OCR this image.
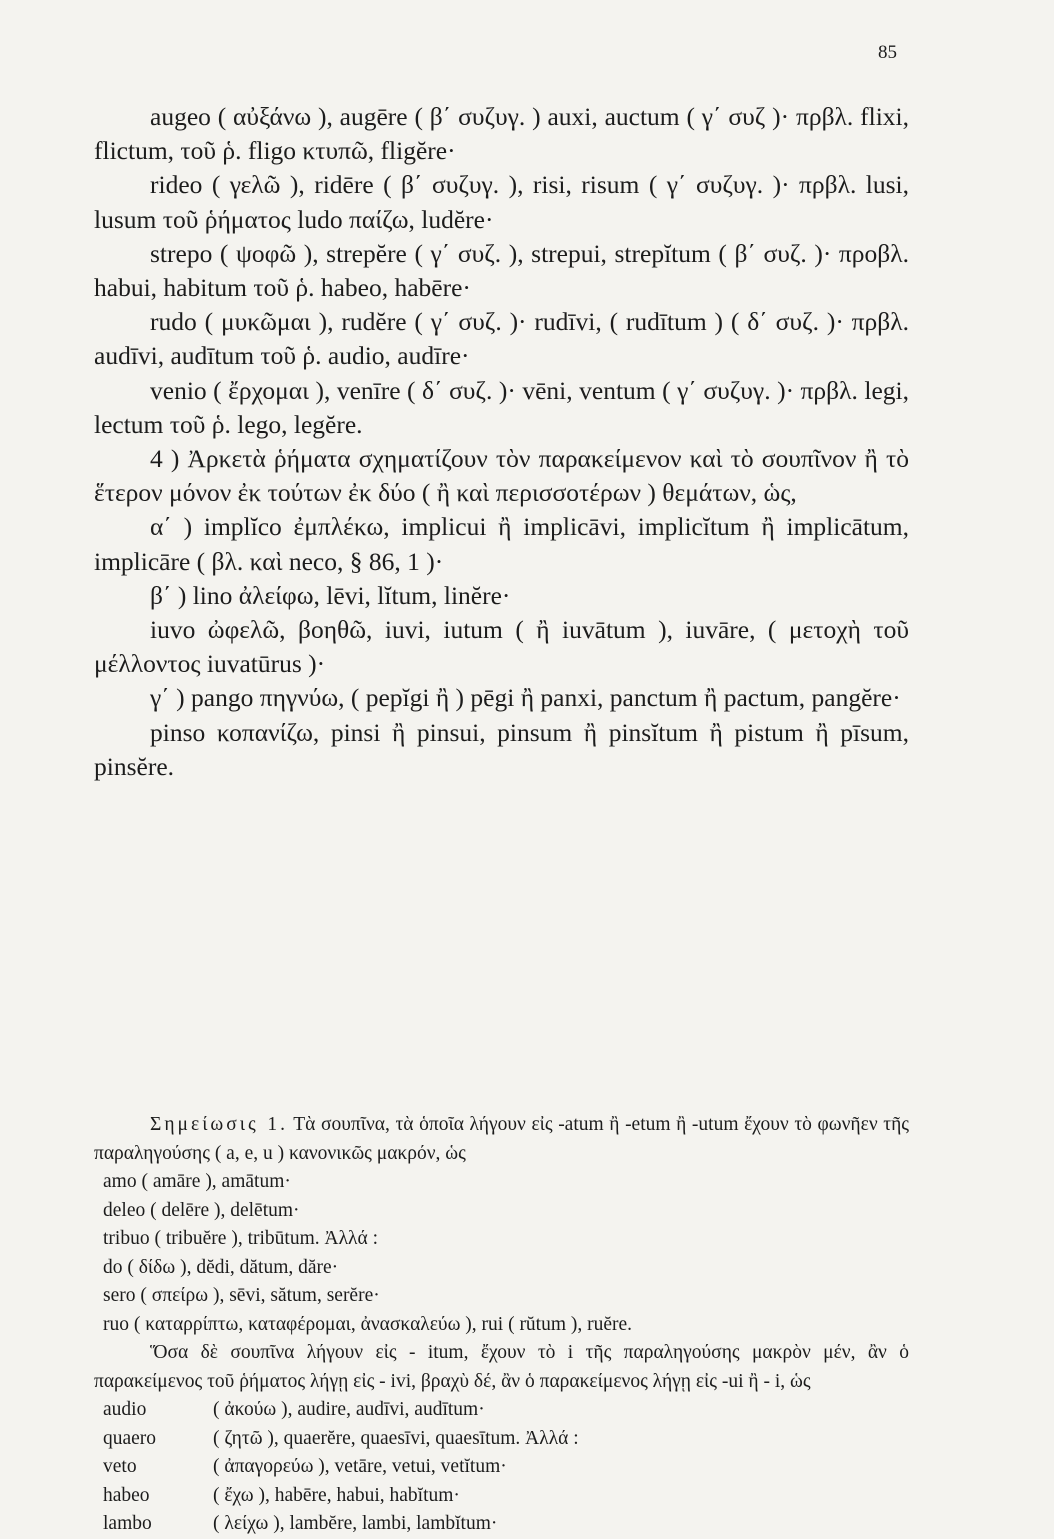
85

augeo ( αὐξάνω ), augēre ( β΄ συζυγ. ) auxi, auctum ( γ΄ συζ )· πρβλ. flixi, flictum, τοῦ ῥ. fligo κτυπῶ, fligĕre·

rideo ( γελῶ ), ridēre ( β΄ συζυγ. ), risi, risum ( γ΄ συζυγ. )· πρβλ. lusi, lusum τοῦ ῥήματος ludo παίζω, ludĕre·

strepo ( ψοφῶ ), strepĕre ( γ΄ συζ. ), strepui, strepĭtum ( β΄ συζ. )· προβλ. habui, habitum τοῦ ῥ. habeo, habēre·

rudo ( μυκῶμαι ), rudĕre ( γ΄ συζ. )· rudīvi, ( rudītum ) ( δ΄ συζ. )· πρβλ. audīvi, audītum τοῦ ῥ. audio, audīre·

venio ( ἔρχομαι ), venīre ( δ΄ συζ. )· vēni, ventum ( γ΄ συζυγ. )· πρβλ. legi, lectum τοῦ ῥ. lego, legĕre.

4 ) Ἀρκετὰ ῥήματα σχηματίζουν τὸν παρακείμενον καὶ τὸ σουπῖνον ἢ τὸ ἕτερον μόνον ἐκ τούτων ἐκ δύο ( ἢ καὶ περισσοτέρων ) θεμάτων, ὡς,

α΄ ) implĭco ἐμπλέκω, implicui ἢ implicāvi, implicĭtum ἢ implicātum, implicāre ( βλ. καὶ neco, § 86, 1 )·

β΄ ) lino ἀλείφω, lēvi, lĭtum, linĕre·

iuvo ὠφελῶ, βοηθῶ, iuvi, iutum ( ἢ iuvātum ), iuvāre, ( μετοχὴ τοῦ μέλλοντος iuvatūrus )·

γ΄ ) pango πηγνύω, ( pepĭgi ἢ ) pēgi ἢ panxi, panctum ἢ pactum, pangĕre·

pinso κοπανίζω, pinsi ἢ pinsui, pinsum ἢ pinsĭtum ἢ pistum ἢ pīsum, pinsĕre.

Σημείωσις 1. Τὰ σουπῖνα, τὰ ὁποῖα λήγουν εἰς -atum ἢ -etum ἢ -utum ἔχουν τὸ φωνῆεν τῆς παραληγούσης ( a, e, u ) κανονικῶς μακρόν, ὡς

amo ( amāre ), amātum·
deleo ( delēre ), delētum·
tribuo ( tribuĕre ), tribūtum. Ἀλλά :
do ( δίδω ), dĕdi, dătum, dăre·
sero ( σπείρω ), sēvi, sătum, serĕre·
ruo ( καταρρίπτω, καταφέρομαι, ἀνασκαλεύω ), rui ( rŭtum ), ruĕre.

Ὅσα δὲ σουπῖνα λήγουν εἰς - itum, ἔχουν τὸ i τῆς παραληγούσης μακρὸν μέν, ἂν ὁ παρακείμενος τοῦ ῥήματος λήγῃ εἰς - ivi, βραχὺ δέ, ἂν ὁ παρακείμενος λήγῃ εἰς -ui ἢ - i, ὡς

audio	( ἀκούω ), audire, audīvi, audītum·
quaero	( ζητῶ ), quaerĕre, quaesīvi, quaesītum. Ἀλλά :
veto	( ἀπαγορεύω ), vetāre, vetui, vetĭtum·
habeo	( ἔχω ), habēre, habui, habĭtum·
lambo	( λείχω ), lambĕre, lambi, lambĭtum·
